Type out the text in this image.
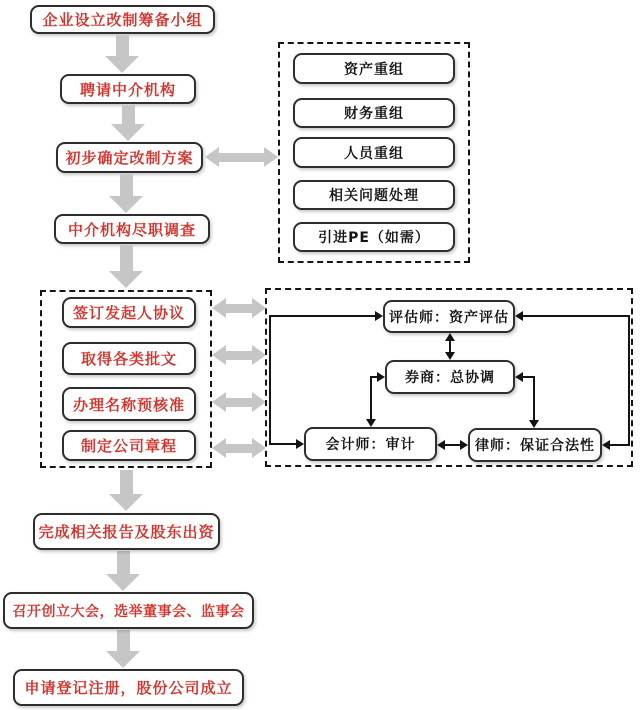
企业设立改制筹备小组
聘请中介机构
初步确定改制方案
中介机构尽职调查
资产重组
财务重组
人员重组
相关问题处理
引进PE（如需）
签订发起人协议
取得各类批文
办理名称预核准
制定公司章程
评估师：资产评估
券商：总协调
会计师：审计	律师：保证合法性
完成相关报告及股东出资
召开创立大会，选举董事会、监事会
申请登记注册，股份公司成立
